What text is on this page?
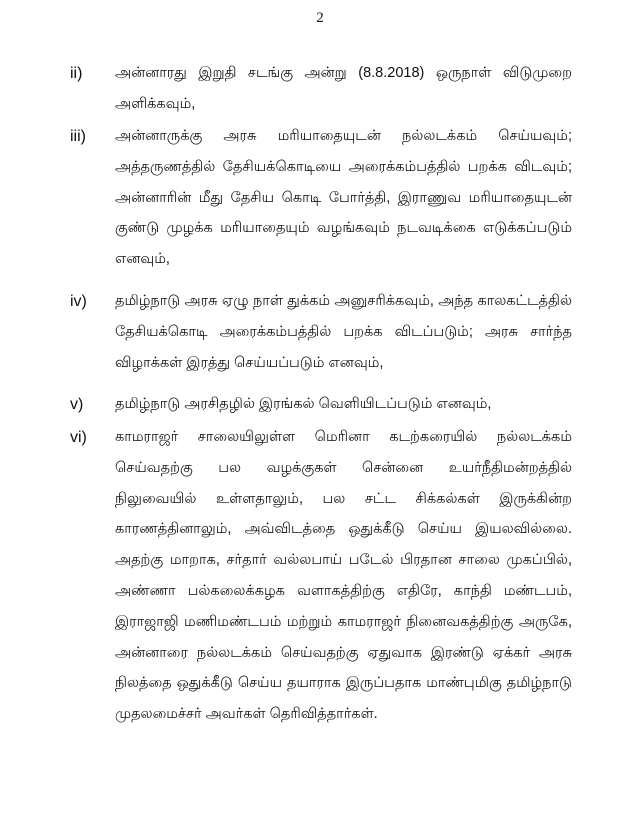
2
ii) அன்னாரது இறுதி சடங்கு அன்று (8.8.2018) ஒருநாள் விடுமுறை
அளிக்கவும்,
iii) அன்னாருக்கு அரசு மரியாதையுடன் நல்லடக்கம் செய்யவும்;
அத்தருணத்தில் தேசியக்கொடியை அரைக்கம்பத்தில் பறக்க விடவும்;
அன்னாரின் மீது தேசிய கொடி போர்த்தி, இராணுவ மரியாதையுடன்
குண்டு முழக்க மரியாதையும் வழங்கவும் நடவடிக்கை எடுக்கப்படும்
எனவும்,
iv) தமிழ்நாடு அரசு ஏழு நாள் துக்கம் அனுசரிக்கவும், அந்த காலகட்டத்தில்
தேசியக்கொடி அரைக்கம்பத்தில் பறக்க விடப்படும்; அரசு சார்ந்த
விழாக்கள் இரத்து செய்யப்படும் எனவும்,
v) தமிழ்நாடு அரசிதழில் இரங்கல் வெளியிடப்படும் எனவும்,
vi) காமராஜர் சாலையிலுள்ள மெரினா கடற்கரையில் நல்லடக்கம்
செய்வதற்கு பல வழக்குகள் சென்னை உயர்நீதிமன்றத்தில்
நிலுவையில் உள்ளதாலும், பல சட்ட சிக்கல்கள் இருக்கின்ற
காரணத்தினாலும், அவ்விடத்தை ஒதுக்கீடு செய்ய இயலவில்லை.
அதற்கு மாறாக, சர்தார் வல்லபாய் படேல் பிரதான சாலை முகப்பில்,
அண்ணா பல்கலைக்கழக வளாகத்திற்கு எதிரே, காந்தி மண்டபம்,
இராஜாஜி மணிமண்டபம் மற்றும் காமராஜர் நினைவகத்திற்கு அருகே,
அன்னாரை நல்லடக்கம் செய்வதற்கு ஏதுவாக இரண்டு ஏக்கர் அரசு
நிலத்தை ஒதுக்கீடு செய்ய தயாராக இருப்பதாக மாண்புமிகு தமிழ்நாடு
முதலமைச்சர் அவர்கள் தெரிவித்தார்கள்.
